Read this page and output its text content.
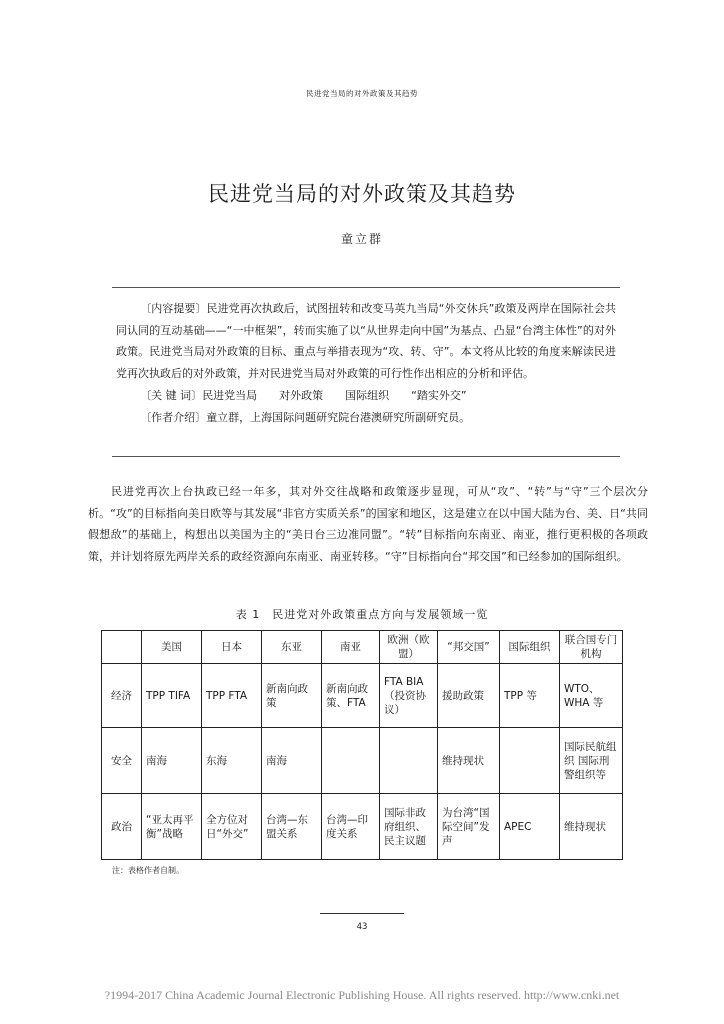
民进党当局的对外政策及其趋势
民进党当局的对外政策及其趋势
童立群

〔内容提要〕民进党再次执政后，试图扭转和改变马英九当局“外交休兵”政策及两岸在国际社会共同认同的互动基础——“一中框架”，转而实施了以“从世界走向中国”为基点、凸显“台湾主体性”的对外政策。民进党当局对外政策的目标、重点与举措表现为“攻、转、守”。本文将从比较的角度来解读民进党再次执政后的对外政策，并对民进党当局对外政策的可行性作出相应的分析和评估。

〔关 键 词〕民进党当局　　对外政策　　国际组织　　“踏实外交”

〔作者介绍〕童立群，上海国际问题研究院台港澳研究所副研究员。

民进党再次上台执政已经一年多，其对外交往战略和政策逐步显现，可从“攻”、“转”与“守”三个层次分析。“攻”的目标指向美日欧等与其发展“非官方实质关系”的国家和地区，这是建立在以中国大陆为台、美、日“共同假想敌”的基础上，构想出以美国为主的“美日台三边准同盟”。“转”目标指向东南亚、南亚，推行更积极的各项政策，并计划将原先两岸关系的政经资源向东南亚、南亚转移。“守”目标指向台“邦交国”和已经参加的国际组织。

表 1　民进党对外政策重点方向与发展领域一览
	美国	日本	东亚	南亚	欧洲（欧盟）	“邦交国”	国际组织	联合国专门机构
经济	TPP TIFA	TPP FTA	新南向政策	新南向政策、FTA	FTA BIA （投资协议）	援助政策	TPP 等	WTO、WHA 等
安全	南海	东海	南海			维持现状		国际民航组织 国际刑警组织等
政治	“亚太再平衡”战略	全方位对日“外交”	台湾—东盟关系	台湾—印度关系	国际非政府组织、民主议题	为台湾“国际空间”发声	APEC	维持现状
注：表格作者自制。
43
?1994-2017 China Academic Journal Electronic Publishing House. All rights reserved. http://www.cnki.net
